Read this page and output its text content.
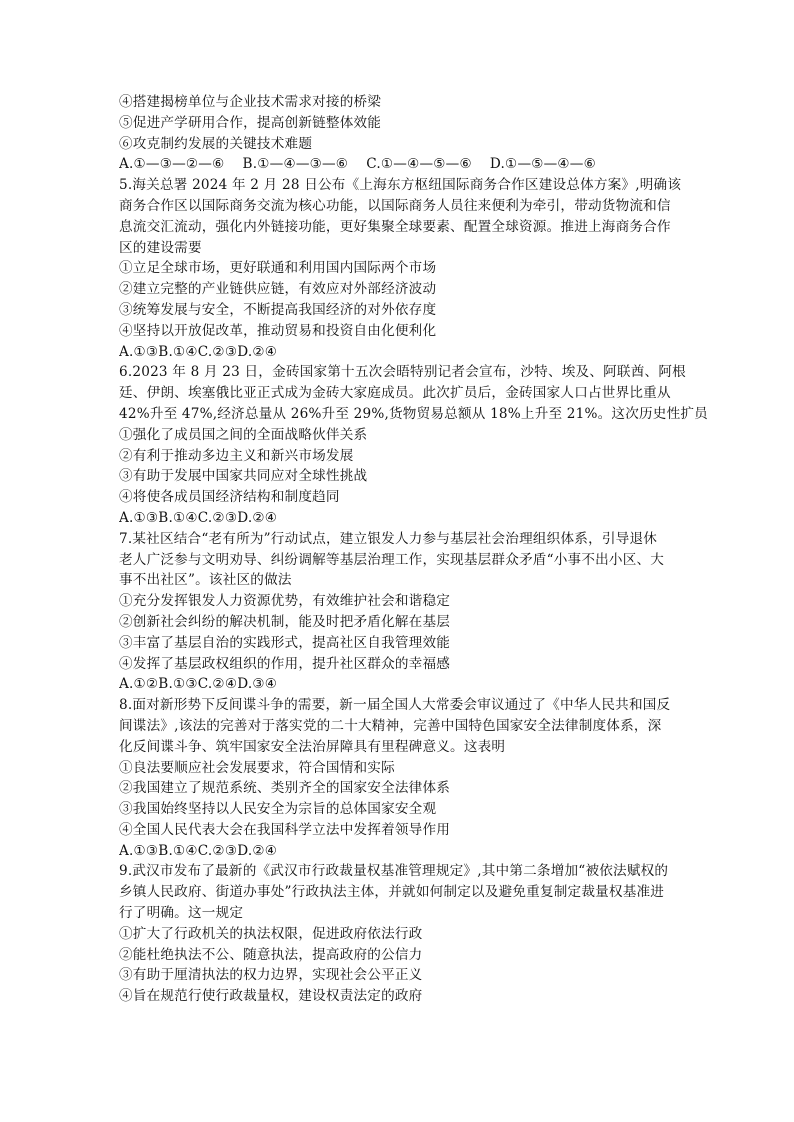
④搭建揭榜单位与企业技术需求对接的桥梁
⑤促进产学研用合作，提高创新链整体效能
⑥攻克制约发展的关键技术难题
A.①—③—②—⑥    B.①—④—③—⑥    C.①—④—⑤—⑥    D.①—⑤—④—⑥
5.海关总署 2024 年 2 月 28 日公布《上海东方枢纽国际商务合作区建设总体方案》,明确该
商务合作区以国际商务交流为核心功能，以国际商务人员往来便利为牵引，带动货物流和信
息流交汇流动，强化内外链接功能，更好集聚全球要素、配置全球资源。推进上海商务合作
区的建设需要
①立足全球市场，更好联通和利用国内国际两个市场
②建立完整的产业链供应链，有效应对外部经济波动
③统筹发展与安全，不断提高我国经济的对外依存度
④坚持以开放促改革，推动贸易和投资自由化便利化
A.①③B.①④C.②③D.②④
6.2023 年 8 月 23 日，金砖国家第十五次会晤特别记者会宣布，沙特、埃及、阿联酋、阿根
廷、伊朗、埃塞俄比亚正式成为金砖大家庭成员。此次扩员后，金砖国家人口占世界比重从
42%升至 47%,经济总量从 26%升至 29%,货物贸易总额从 18%上升至 21%。这次历史性扩员
①强化了成员国之间的全面战略伙伴关系
②有利于推动多边主义和新兴市场发展
③有助于发展中国家共同应对全球性挑战
④将使各成员国经济结构和制度趋同
A.①③B.①④C.②③D.②④
7.某社区结合“老有所为”行动试点，建立银发人力参与基层社会治理组织体系，引导退休
老人广泛参与文明劝导、纠纷调解等基层治理工作，实现基层群众矛盾“小事不出小区、大
事不出社区”。该社区的做法
①充分发挥银发人力资源优势，有效维护社会和谐稳定
②创新社会纠纷的解决机制，能及时把矛盾化解在基层
③丰富了基层自治的实践形式，提高社区自我管理效能
④发挥了基层政权组织的作用，提升社区群众的幸福感
A.①②B.①③C.②④D.③④
8.面对新形势下反间谍斗争的需要，新一届全国人大常委会审议通过了《中华人民共和国反
间谍法》,该法的完善对于落实党的二十大精神，完善中国特色国家安全法律制度体系，深
化反间谍斗争、筑牢国家安全法治屏障具有里程碑意义。这表明
①良法要顺应社会发展要求，符合国情和实际
②我国建立了规范系统、类别齐全的国家安全法律体系
③我国始终坚持以人民安全为宗旨的总体国家安全观
④全国人民代表大会在我国科学立法中发挥着领导作用
A.①③B.①④C.②③D.②④
9.武汉市发布了最新的《武汉市行政裁量权基准管理规定》,其中第二条增加“被依法赋权的
乡镇人民政府、街道办事处”行政执法主体，并就如何制定以及避免重复制定裁量权基准进
行了明确。这一规定
①扩大了行政机关的执法权限，促进政府依法行政
②能杜绝执法不公、随意执法，提高政府的公信力
③有助于厘清执法的权力边界，实现社会公平正义
④旨在规范行使行政裁量权，建设权责法定的政府
